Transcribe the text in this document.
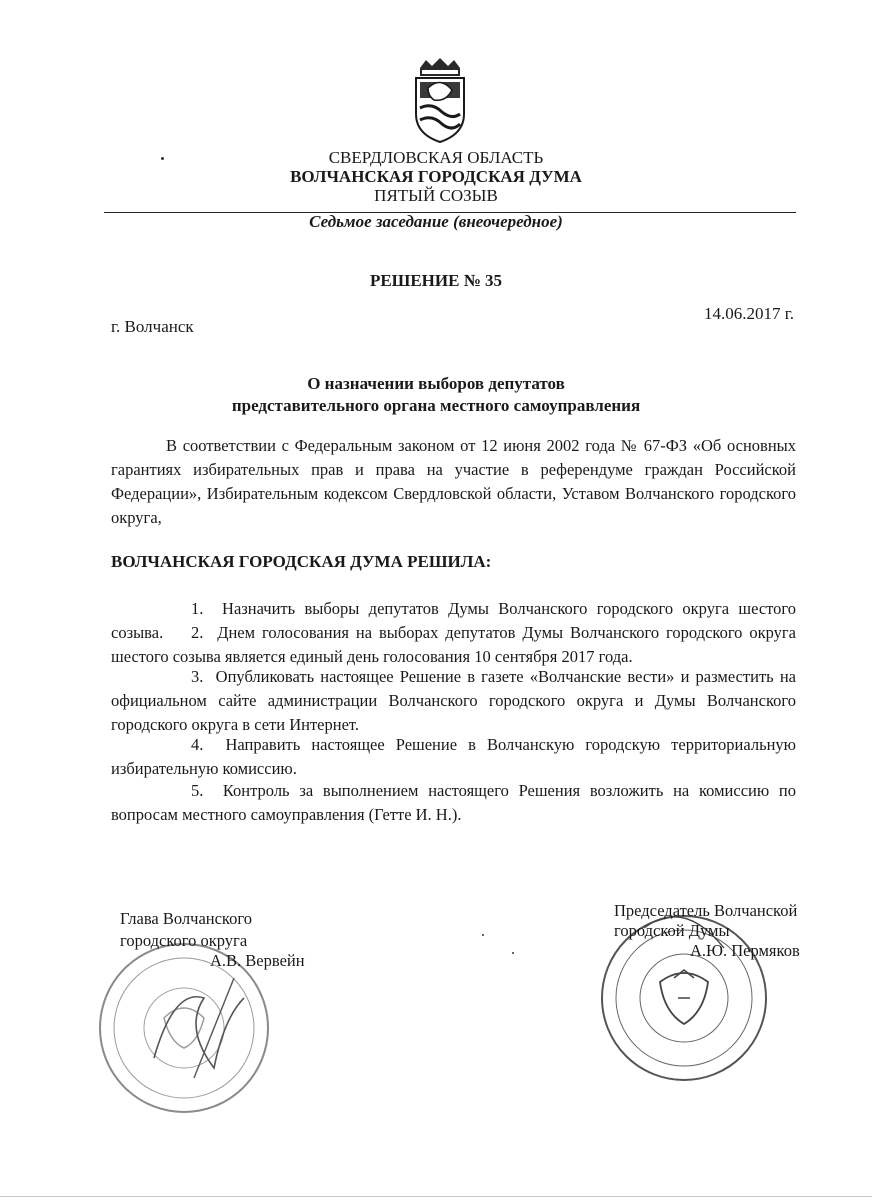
СВЕРДЛОВСКАЯ ОБЛАСТЬ
ВОЛЧАНСКАЯ ГОРОДСКАЯ ДУМА
ПЯТЫЙ СОЗЫВ
Седьмое заседание (внеочередное)
РЕШЕНИЕ № 35
14.06.2017 г.
г. Волчанск
О назначении выборов депутатов
представительного органа местного самоуправления
В соответствии с Федеральным законом от 12 июня 2002 года № 67-ФЗ «Об основных гарантиях избирательных прав и права на участие в референдуме граждан Российской Федерации», Избирательным кодексом Свердловской области, Уставом Волчанского городского округа,
ВОЛЧАНСКАЯ ГОРОДСКАЯ ДУМА РЕШИЛА:
1. Назначить выборы депутатов Думы Волчанского городского округа шестого созыва.	2. Днем голосования на выборах депутатов Думы Волчанского городского округа шестого созыва является единый день голосования 10 сентября 2017 года.
3. Опубликовать настоящее Решение в газете «Волчанские вести» и разместить на официальном сайте администрации Волчанского городского округа и Думы Волчанского городского округа в сети Интернет.
4. Направить настоящее Решение в Волчанскую городскую территориальную избирательную комиссию.
5. Контроль за выполнением настоящего Решения возложить на комиссию по вопросам местного самоуправления (Гетте И. Н.).
Глава Волчанского
городского округа
А.В. Вервейн
Председатель Волчанской
городской Думы
А.Ю. Пермяков
